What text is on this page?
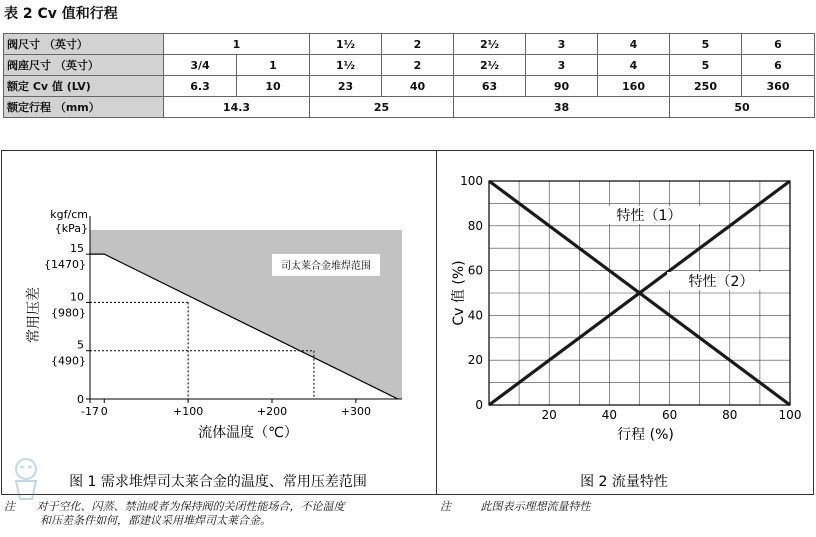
表 2 Cv 值和行程
阀尺寸 （英寸）	1		1½	2	2½	3	4	5	6
阀座尺寸 （英寸）	3/4	1	1½	2	2½	3	4	5	6
额定 Cv 值 (LV)	6.3	10	23	40	63	90	160	250	360
额定行程 （mm）	14.3		25		38			50	
kgf/cm
{kPa}
0
5
{490}
10
{980}
15
{1470}
-17 0	+100	+200	+300
司太莱合金堆焊范围
流体温度（℃）
常用压差
图 1 需求堆焊司太莱合金的温度、常用压差范围
特性（1）
特性（2）
0
20
40
60
80
100
20	40	60	80	100
行程 (%)
Cv 值 (%)
图 2 流量特性
注 对于空化、闪蒸、禁油或者为保持阀的关闭性能场合，不论温度
和压差条件如何，都建议采用堆焊司太莱合金。
注	此图表示理想流量特性
